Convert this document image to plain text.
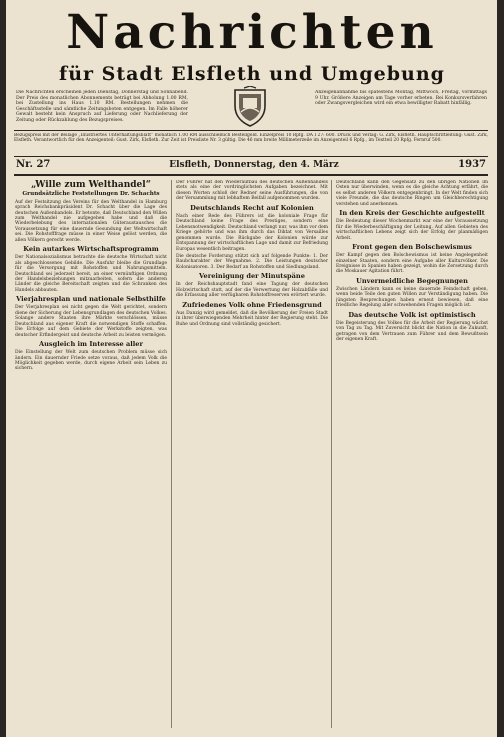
Nachrichten
für Stadt Elsfleth und Umgebung
Die Nachrichten erscheinen jeden Dienstag, Donnerstag und Sonnabend. Der Preis des monatlichen Abonnements beträgt bei Abholung 1.00 RM, bei Zustellung ins Haus 1.10 RM. Bestellungen nehmen die Geschäftsstelle und sämtliche Zeitungsboten entgegen. Im Falle höherer Gewalt besteht kein Anspruch auf Lieferung oder Nachlieferung der Zeitung oder Rückzahlung des Bezugspreises.
Anzeigenannahme bis spätestens Montag, Mittwoch, Freitag, vormittags 9 Uhr. Größere Anzeigen am Tage vorher erbeten. Bei Konkursverfahren oder Zwangsvergleichen wird ein etwa bewilligter Rabatt hinfällig.
Bezugspreis mit der Beilage „Illustriertes Unterhaltungsblatt“ monatlich 1.00 RM ausschließlich Bestellgeld. Einzelpreis 10 Rpfg. DA I 27: 600. Druck und Verlag: G. Zirk, Elsfleth. Hauptschriftleitung: Gust. Zirk, Elsfleth. Verantwortlich für den Anzeigenteil: Gust. Zirk, Elsfleth. Zur Zeit ist Preisliste Nr. 3 gültig. Die 46 mm breite Millimeterzeile im Anzeigenteil 6 Rpfg., im Textteil 20 Rpfg. Fernruf 500.
Nr. 27	Elsfleth, Donnerstag, den 4. März	1937
„Wille zum Welthandel“
Grundsätzliche Feststellungen Dr. Schachts

Auf der Festsitzung des Vereins für den Welthandel in Hamburg sprach Reichsbankpräsident Dr. Schacht über die Lage des deutschen Außenhandels. Er betonte, daß Deutschland den Willen zum Welthandel nie aufgegeben habe und daß die Wiederbelebung des internationalen Güteraustausches die Voraussetzung für eine dauernde Gesundung der Weltwirtschaft sei. Die Rohstofffrage müsse in einer Weise gelöst werden, die allen Völkern gerecht werde.

Kein autarkes Wirtschaftsprogramm

Der Nationalsozialismus betrachte die deutsche Wirtschaft nicht als abgeschlossenes Gebilde. Die Ausfuhr bleibe die Grundlage für die Versorgung mit Rohstoffen und Nahrungsmitteln. Deutschland sei jederzeit bereit, an einer vernünftigen Ordnung der Handelsbeziehungen mitzuarbeiten, sofern die anderen Länder die gleiche Bereitschaft zeigten und die Schranken des Handels abbauten.

Vierjahresplan und nationale Selbsthilfe

Der Vierjahresplan sei nicht gegen die Welt gerichtet, sondern diene der Sicherung der Lebensgrundlagen des deutschen Volkes. Solange andere Staaten ihre Märkte verschlössen, müsse Deutschland aus eigener Kraft die notwendigen Stoffe schaffen. Die Erfolge auf dem Gebiete der Werkstoffe zeigten, was deutscher Erfindergeist und deutsche Arbeit zu leisten vermögen.

Ausgleich im Interesse aller

Die Einstellung der Welt zum deutschen Problem müsse sich ändern. Ein dauernder Friede setze voraus, daß jedem Volk die Möglichkeit gegeben werde, durch eigene Arbeit sein Leben zu sichern.

Der Führer hat den Wiederaufbau des deutschen Außenhandels stets als eine der vordringlichsten Aufgaben bezeichnet. Mit diesen Worten schloß der Redner seine Ausführungen, die von der Versammlung mit lebhaftem Beifall aufgenommen wurden.

Deutschlands Recht auf Kolonien

Nach einer Rede des Führers ist die koloniale Frage für Deutschland keine Frage des Prestiges, sondern eine Lebensnotwendigkeit. Deutschland verlangt nur, was ihm vor dem Kriege gehörte und was ihm durch das Diktat von Versailles genommen wurde. Die Rückgabe der Kolonien würde zur Entspannung der wirtschaftlichen Lage und damit zur Befriedung Europas wesentlich beitragen.

Die deutsche Forderung stützt sich auf folgende Punkte: 1. Der Raubcharakter der Wegnahme. 2. Die Leistungen deutscher Kolonisatoren. 3. Der Bedarf an Rohstoffen und Siedlungsland.

Vereinigung der Minutspäne

In der Reichshauptstadt fand eine Tagung der deutschen Holzwirtschaft statt, auf der die Verwertung der Holzabfälle und die Erfassung aller verfügbaren Rohstoffreserven erörtert wurde.

Zufriedenes Volk ohne Friedensgrund

Aus Danzig wird gemeldet, daß die Bevölkerung der Freien Stadt in ihrer überwiegenden Mehrheit hinter der Regierung steht. Die Ruhe und Ordnung sind vollständig gesichert.

Deutschland kann den Gegensatz zu den übrigen Nationen im Osten nur überwinden, wenn es die gleiche Achtung erfährt, die es selbst anderen Völkern entgegenbringt. In der Welt finden sich viele Freunde, die das deutsche Ringen um Gleichberechtigung verstehen und anerkennen.

In den Kreis der Geschichte aufgestellt

Die Bedeutung dieser Wochenmarkt war eine der Voraussetzung für die Wiederbeschäftigung der Leitung. Auf allen Gebieten des wirtschaftlichen Lebens zeigt sich der Erfolg der planmäßigen Arbeit.

Front gegen den Bolschewismus

Der Kampf gegen den Bolschewismus ist keine Angelegenheit einzelner Staaten, sondern eine Aufgabe aller Kulturvölker. Die Ereignisse in Spanien haben gezeigt, wohin die Zersetzung durch die Moskauer Agitation führt.

Unvermeidliche Begegnungen

Zwischen Ländern kann es keine dauernde Feindschaft geben, wenn beide Teile den guten Willen zur Verständigung haben. Die jüngsten Besprechungen haben erneut bewiesen, daß eine friedliche Regelung aller schwebenden Fragen möglich ist.

Das deutsche Volk ist optimistisch

Die Begeisterung des Volkes für die Arbeit der Regierung wächst von Tag zu Tag. Mit Zuversicht blickt die Nation in die Zukunft, getragen von dem Vertrauen zum Führer und dem Bewußtsein der eigenen Kraft.
